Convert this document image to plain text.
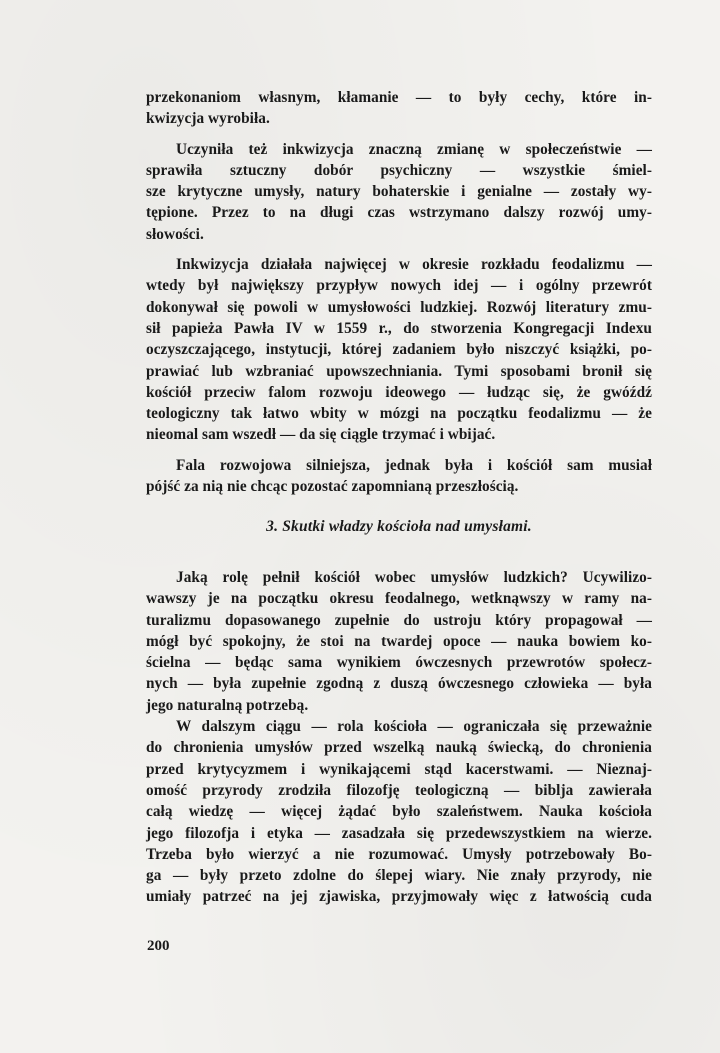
przekonaniom własnym, kłamanie — to były cechy, które in-
kwizycja wyrobiła.

Uczyniła też inkwizycja znaczną zmianę w społeczeństwie —
sprawiła sztuczny dobór psychiczny — wszystkie śmiel-
sze krytyczne umysły, natury bohaterskie i genialne — zostały wy-
tępione. Przez to na długi czas wstrzymano dalszy rozwój umy-
słowości.

Inkwizycja działała najwięcej w okresie rozkładu feodalizmu —
wtedy był największy przypływ nowych idej — i ogólny przewrót
dokonywał się powoli w umysłowości ludzkiej. Rozwój literatury zmu-
sił papieża Pawła IV w 1559 r., do stworzenia Kongregacji Indexu
oczyszczającego, instytucji, której zadaniem było niszczyć książki, po-
prawiać lub wzbraniać upowszechniania. Tymi sposobami bronił się
kościół przeciw falom rozwoju ideowego — łudząc się, że gwóźdź
teologiczny tak łatwo wbity w mózgi na początku feodalizmu — że
nieomal sam wszedł — da się ciągle trzymać i wbijać.

Fala rozwojowa silniejsza, jednak była i kościół sam musiał
pójść za nią nie chcąc pozostać zapomnianą przeszłością.

3. Skutki władzy kościoła nad umysłami.

Jaką rolę pełnił kościół wobec umysłów ludzkich? Ucywilizo-
wawszy je na początku okresu feodalnego, wetknąwszy w ramy na-
turalizmu dopasowanego zupełnie do ustroju który propagował —
mógł być spokojny, że stoi na twardej opoce — nauka bowiem ko-
ścielna — będąc sama wynikiem ówczesnych przewrotów społecz-
nych — była zupełnie zgodną z duszą ówczesnego człowieka — była
jego naturalną potrzebą.

W dalszym ciągu — rola kościoła — ograniczała się przeważnie
do chronienia umysłów przed wszelką nauką świecką, do chronienia
przed krytycyzmem i wynikającemi stąd kacerstwami. — Nieznaj-
omość przyrody zrodziła filozofję teologiczną — biblja zawierała
całą wiedzę — więcej żądać było szaleństwem. Nauka kościoła
jego filozofja i etyka — zasadzała się przedewszystkiem na wierze.
Trzeba było wierzyć a nie rozumować. Umysły potrzebowały Bo-
ga — były przeto zdolne do ślepej wiary. Nie znały przyrody, nie
umiały patrzeć na jej zjawiska, przyjmowały więc z łatwością cuda

200
